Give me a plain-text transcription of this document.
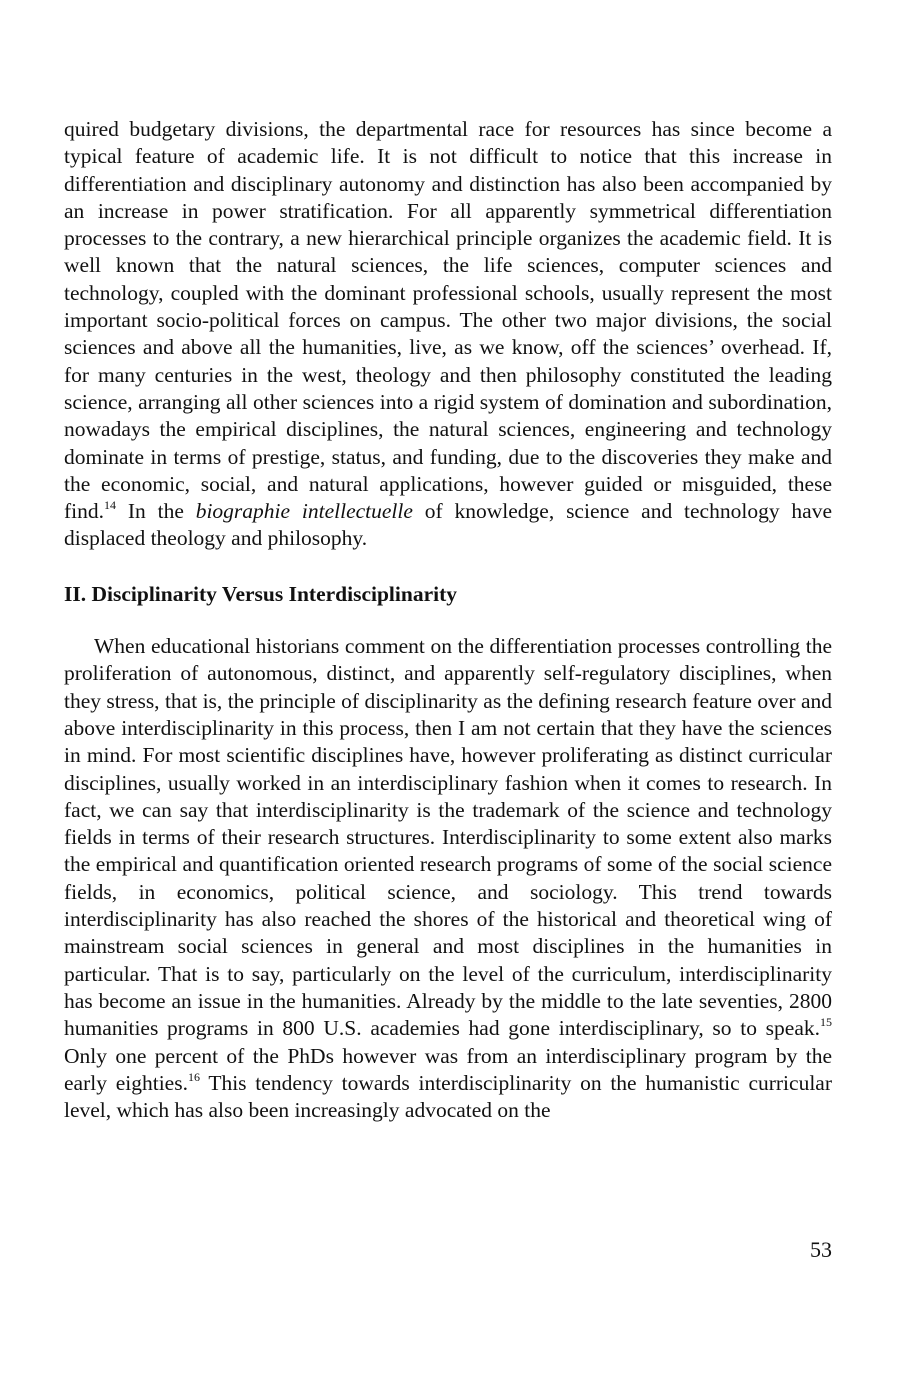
quired budgetary divisions, the departmental race for resources has since become a typical feature of academic life. It is not difficult to notice that this increase in differentiation and disciplinary autonomy and distinction has also been accompanied by an increase in power stratification. For all apparently symmetrical differentiation processes to the contrary, a new hierarchical principle organizes the academic field. It is well known that the natural sciences, the life sciences, computer sciences and technology, coupled with the dominant professional schools, usually represent the most important socio-political forces on campus. The other two major divisions, the social sciences and above all the humanities, live, as we know, off the sciences’ overhead. If, for many centuries in the west, theology and then philosophy constituted the leading science, arranging all other sciences into a rigid system of domination and subordination, nowadays the empirical disciplines, the natural sciences, engineering and technology dominate in terms of prestige, status, and funding, due to the discoveries they make and the economic, social, and natural applications, however guided or misguided, these find.$^{14}$ In the biographie intellectuelle of knowledge, science and technology have displaced theology and philosophy.

II. Disciplinarity Versus Interdisciplinarity

When educational historians comment on the differentiation processes controlling the proliferation of autonomous, distinct, and apparently self-regulatory disciplines, when they stress, that is, the principle of disciplinarity as the defining research feature over and above interdisciplinarity in this process, then I am not certain that they have the sciences in mind. For most scientific disciplines have, however proliferating as distinct curricular disciplines, usually worked in an interdisciplinary fashion when it comes to research. In fact, we can say that interdisciplinarity is the trademark of the science and technology fields in terms of their research structures. Interdisciplinarity to some extent also marks the empirical and quantification oriented research programs of some of the social science fields, in economics, political science, and sociology. This trend towards interdisciplinarity has also reached the shores of the historical and theoretical wing of mainstream social sciences in general and most disciplines in the humanities in particular. That is to say, particularly on the level of the curriculum, interdisciplinarity has become an issue in the humanities. Already by the middle to the late seventies, 2800 humanities programs in 800 U.S. academies had gone interdisciplinary, so to speak.$^{15}$ Only one percent of the PhDs however was from an interdisciplinary program by the early eighties.$^{16}$ This tendency towards interdisciplinarity on the humanistic curricular level, which has also been increasingly advocated on the

53
